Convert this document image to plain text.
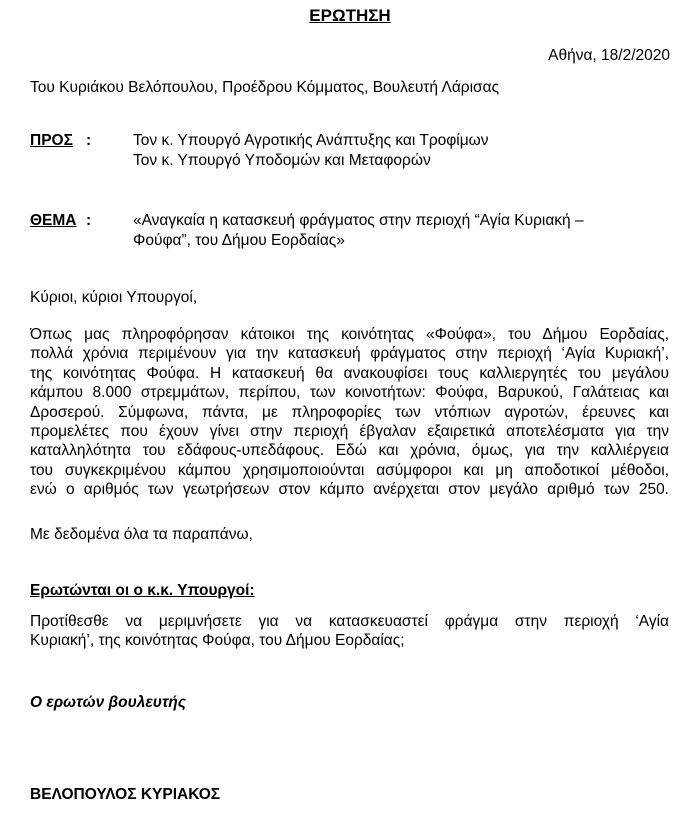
ΕΡΩΤΗΣΗ
Αθήνα, 18/2/2020
Του Κυριάκου Βελόπουλου, Προέδρου Κόμματος, Βουλευτή Λάρισας
ΠΡΟΣ :	Τον κ. Υπουργό Αγροτικής Ανάπτυξης και Τροφίμων
Τον κ. Υπουργό Υποδομών και Μεταφορών
ΘΕΜΑ :	«Αναγκαία η κατασκευή φράγματος στην περιοχή “Αγία Κυριακή –
Φούφα”, του Δήμου Εορδαίας»
Κύριοι, κύριοι Υπουργοί,
Όπως μας πληροφόρησαν κάτοικοι της κοινότητας «Φούφα», του Δήμου Εορδαίας,
πολλά χρόνια περιμένουν για την κατασκευή φράγματος στην περιοχή ‘Αγία Κυριακή’,
της κοινότητας Φούφα. Η κατασκευή θα ανακουφίσει τους καλλιεργητές του μεγάλου
κάμπου 8.000 στρεμμάτων, περίπου, των κοινοτήτων: Φούφα, Βαρυκού, Γαλάτειας και
Δροσερού. Σύμφωνα, πάντα, με πληροφορίες των ντόπιων αγροτών, έρευνες και
προμελέτες που έχουν γίνει στην περιοχή έβγαλαν εξαιρετικά αποτελέσματα για την
καταλληλότητα του εδάφους-υπεδάφους. Εδώ και χρόνια, όμως, για την καλλιέργεια
του συγκεκριμένου κάμπου χρησιμοποιούνται ασύμφοροι και μη αποδοτικοί μέθοδοι,
ενώ ο αριθμός των γεωτρήσεων στον κάμπο ανέρχεται στον μεγάλο αριθμό των 250.
Με δεδομένα όλα τα παραπάνω,
Ερωτώνται οι ο κ.κ. Υπουργοί:
Προτίθεσθε να μεριμνήσετε για να κατασκευαστεί φράγμα στην περιοχή ‘Αγία
Κυριακή’, της κοινότητας Φούφα, του Δήμου Εορδαίας;
Ο ερωτών βουλευτής
ΒΕΛΟΠΟΥΛΟΣ ΚΥΡΙΑΚΟΣ
